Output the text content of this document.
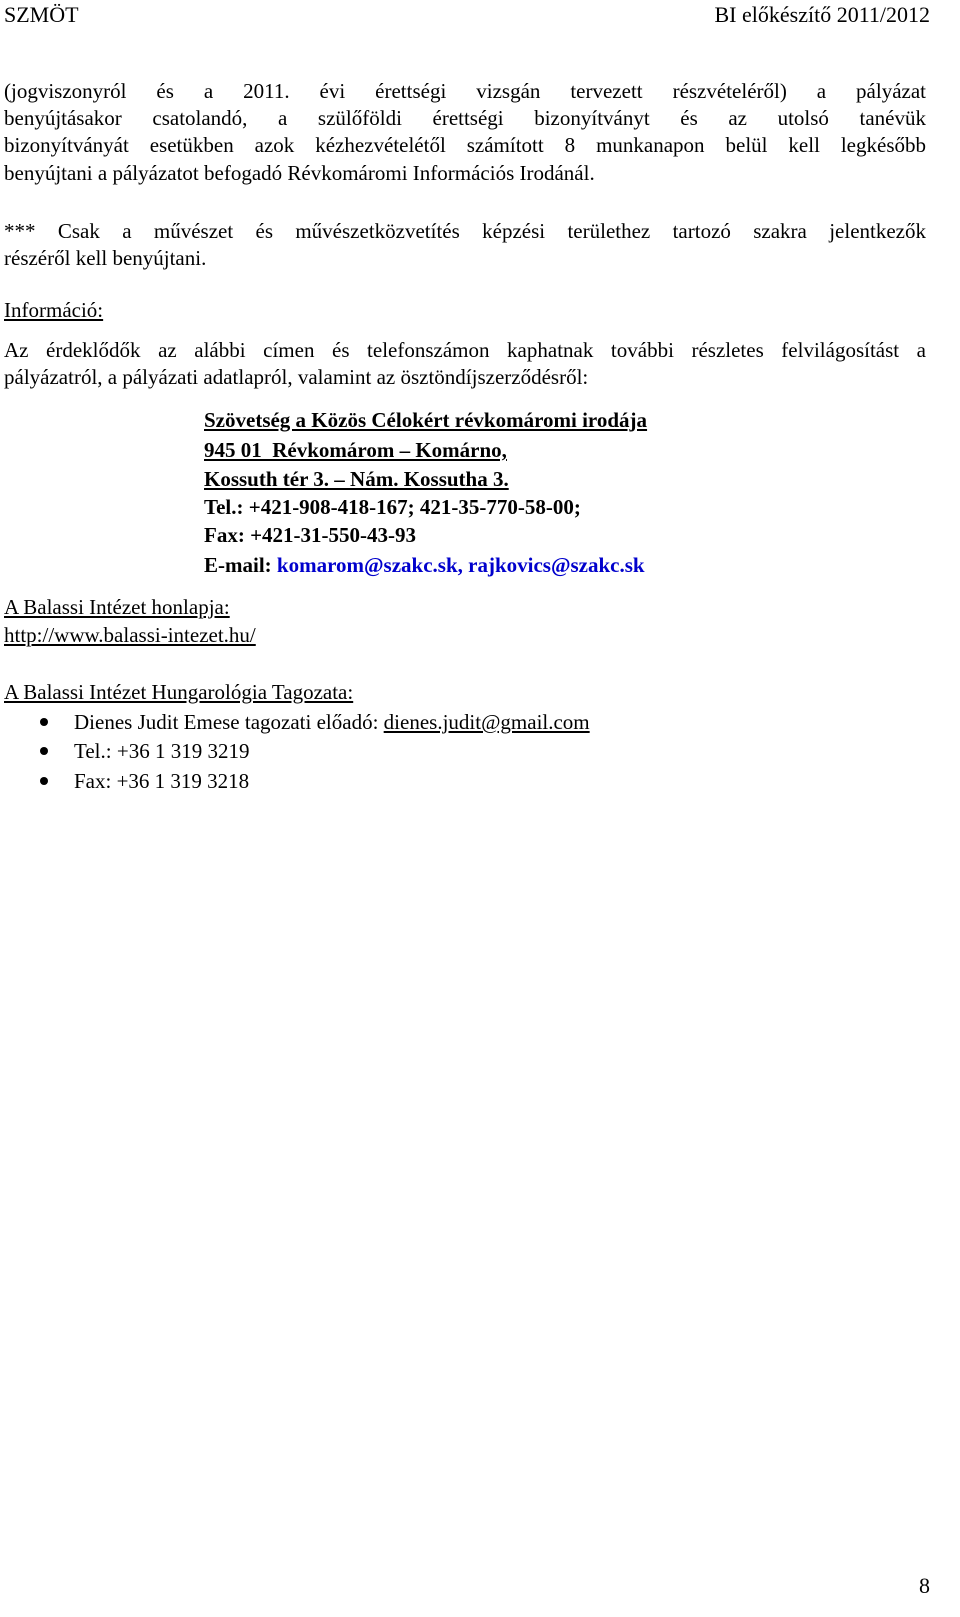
SZMÖT	BI előkészítő 2011/2012
(jogviszonyról és a 2011. évi érettségi vizsgán tervezett részvételéről) a pályázat
benyújtásakor csatolandó, a szülőföldi érettségi bizonyítványt és az utolsó tanévük
bizonyítványát esetükben azok kézhezvételétől számított 8 munkanapon belül kell legkésőbb
benyújtani a pályázatot befogadó Révkomáromi Információs Irodánál.
*** Csak a művészet és művészetközvetítés képzési területhez tartozó szakra jelentkezők
részéről kell benyújtani.
Információ:
Az érdeklődők az alábbi címen és telefonszámon kaphatnak további részletes felvilágosítást a
pályázatról, a pályázati adatlapról, valamint az ösztöndíjszerződésről:
Szövetség a Közös Célokért révkomáromi irodája
945 01  Révkomárom – Komárno,
Kossuth tér 3. – Nám. Kossutha 3.
Tel.: +421-908-418-167; 421-35-770-58-00;
Fax: +421-31-550-43-93
E-mail: komarom@szakc.sk, rajkovics@szakc.sk
A Balassi Intézet honlapja:
http://www.balassi-intezet.hu/
A Balassi Intézet Hungarológia Tagozata:
Dienes Judit Emese tagozati előadó: dienes.judit@gmail.com
Tel.: +36 1 319 3219
Fax: +36 1 319 3218
8
